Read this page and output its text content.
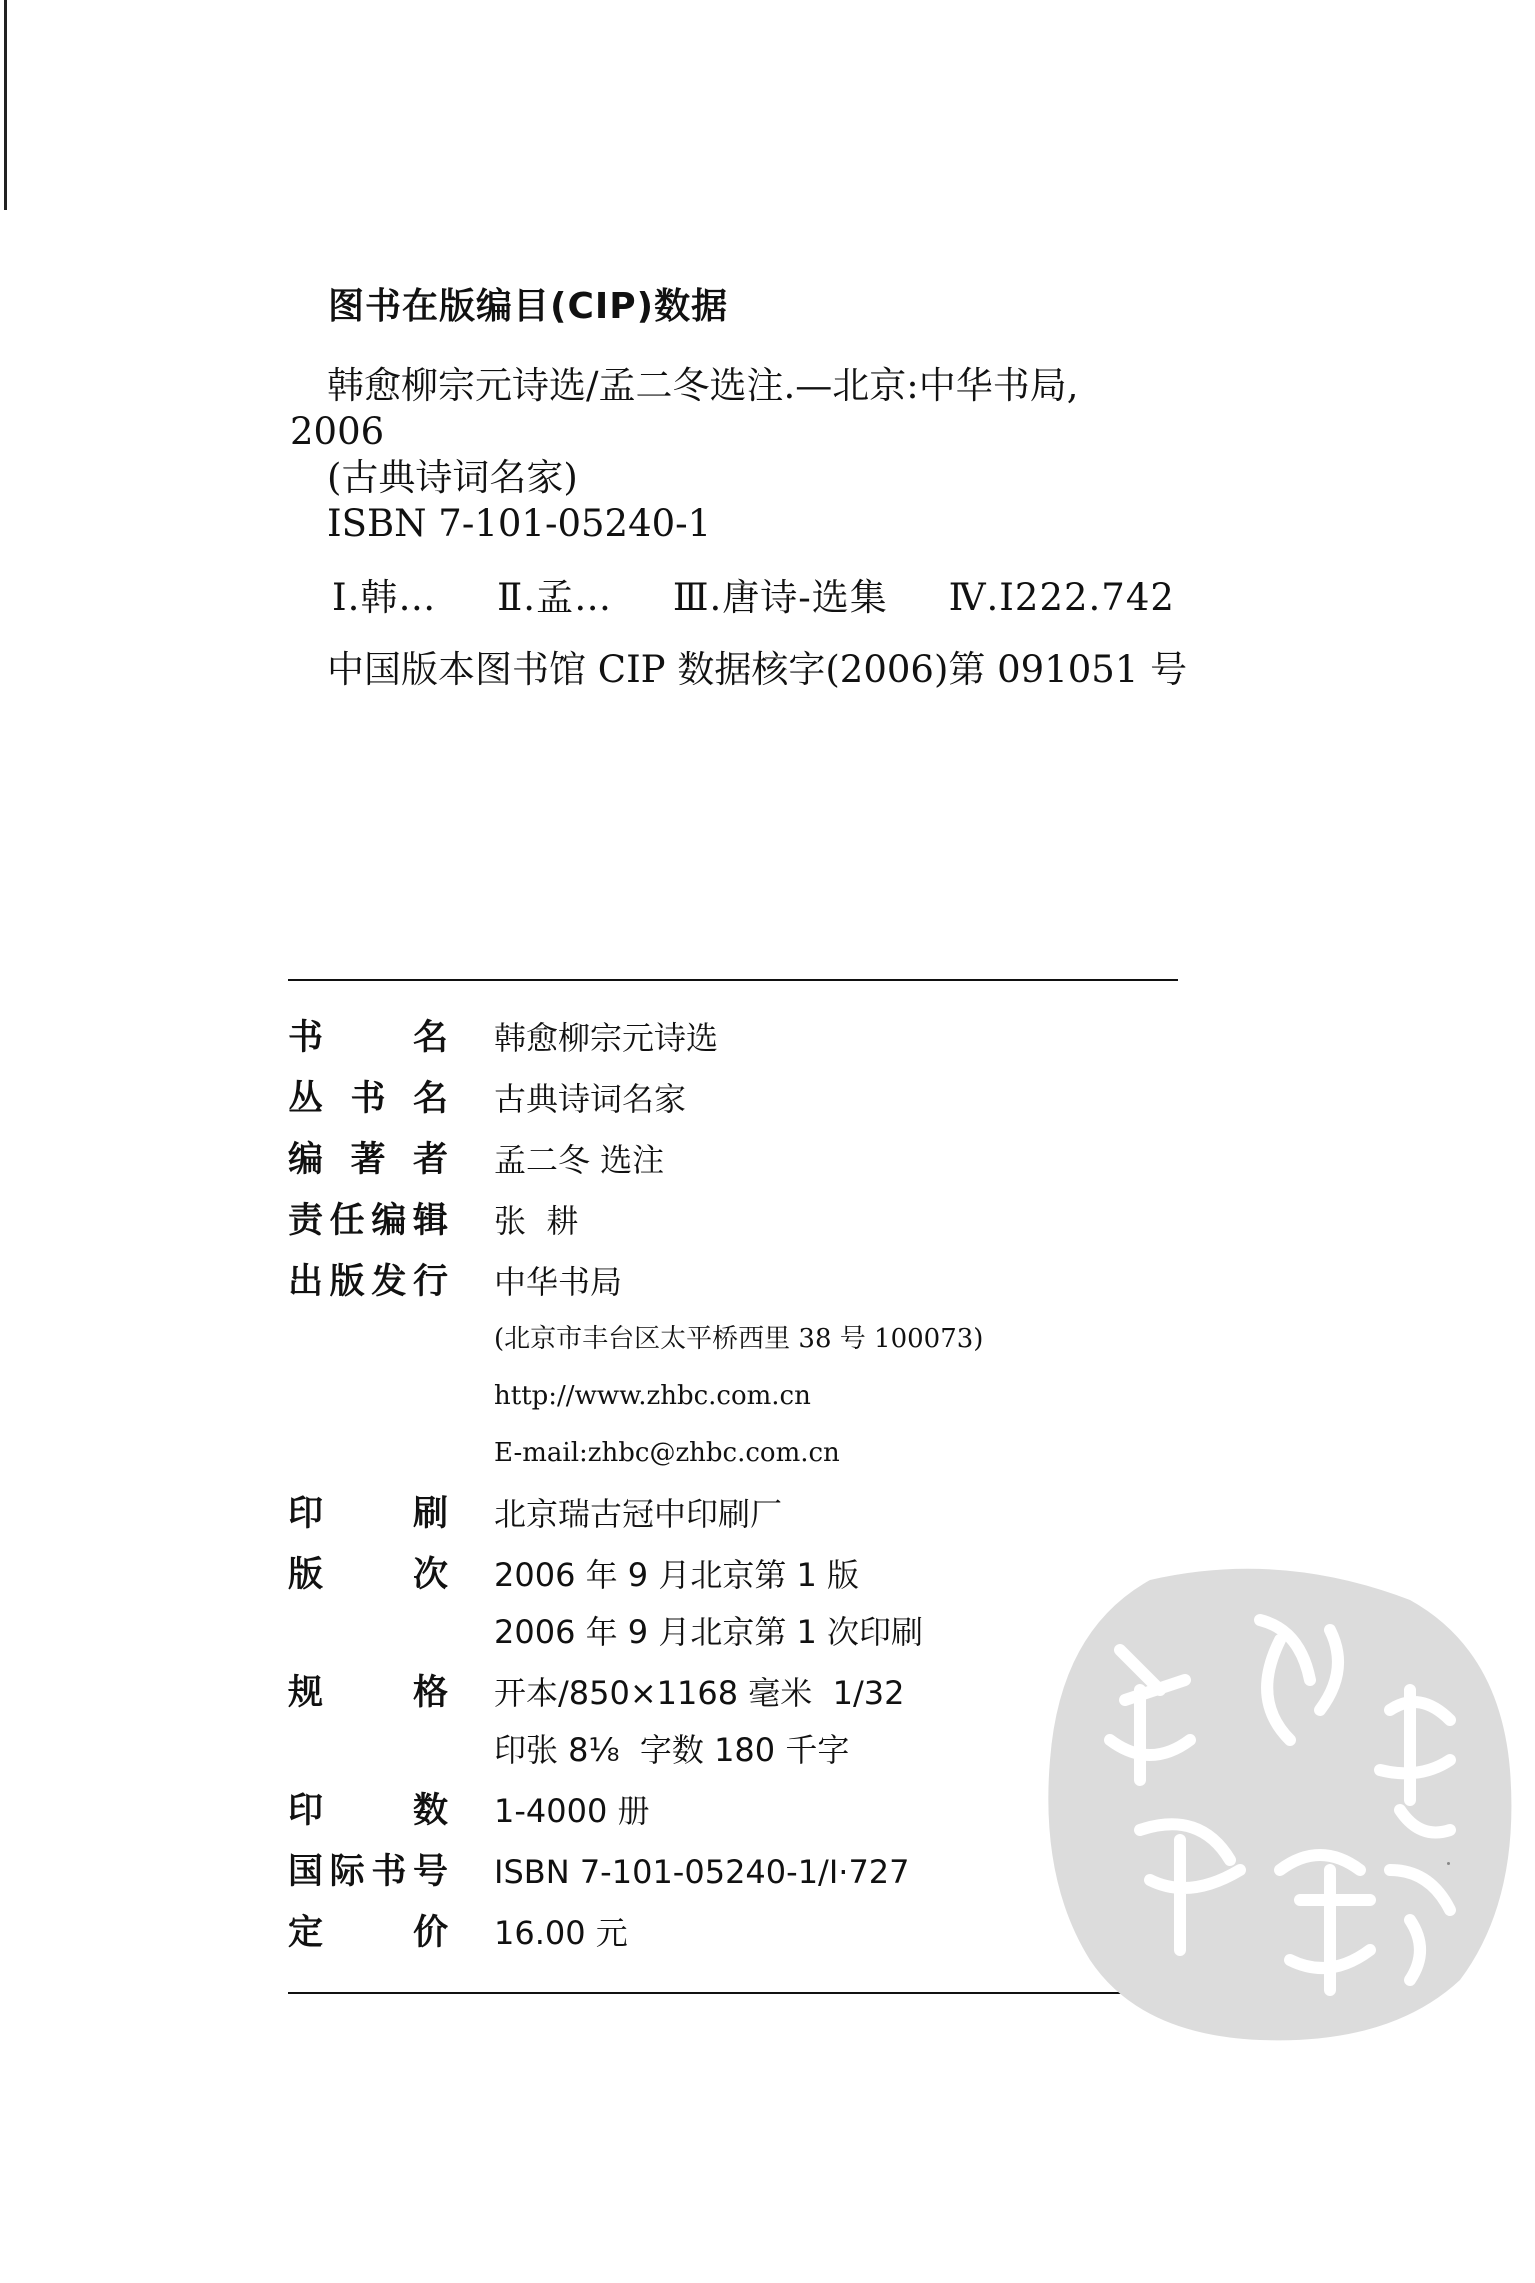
图书在版编目(CIP)数据
韩愈柳宗元诗选/孟二冬选注.—北京:中华书局,
2006
(古典诗词名家)
ISBN 7-101-05240-1
Ⅰ.韩… Ⅱ.孟… Ⅲ.唐诗-选集 Ⅳ.I222.742
中国版本图书馆 CIP 数据核字(2006)第 091051 号
书	名 韩愈柳宗元诗选
丛 书 名 古典诗词名家
编 著 者 孟二冬 选注
责 任 编 辑 张  耕
出 版 发 行 中华书局
(北京市丰台区太平桥西里 38 号 100073)
http://www.zhbc.com.cn
E-mail:zhbc@zhbc.com.cn
印	刷 北京瑞古冠中印刷厂
版	次 2006 年 9 月北京第 1 版
2006 年 9 月北京第 1 次印刷
规	格 开本/850×1168 毫米  1/32
印张 8⅛  字数 180 千字
印	数 1-4000 册
国 际 书 号 ISBN 7-101-05240-1/I·727
定	价 16.00 元
